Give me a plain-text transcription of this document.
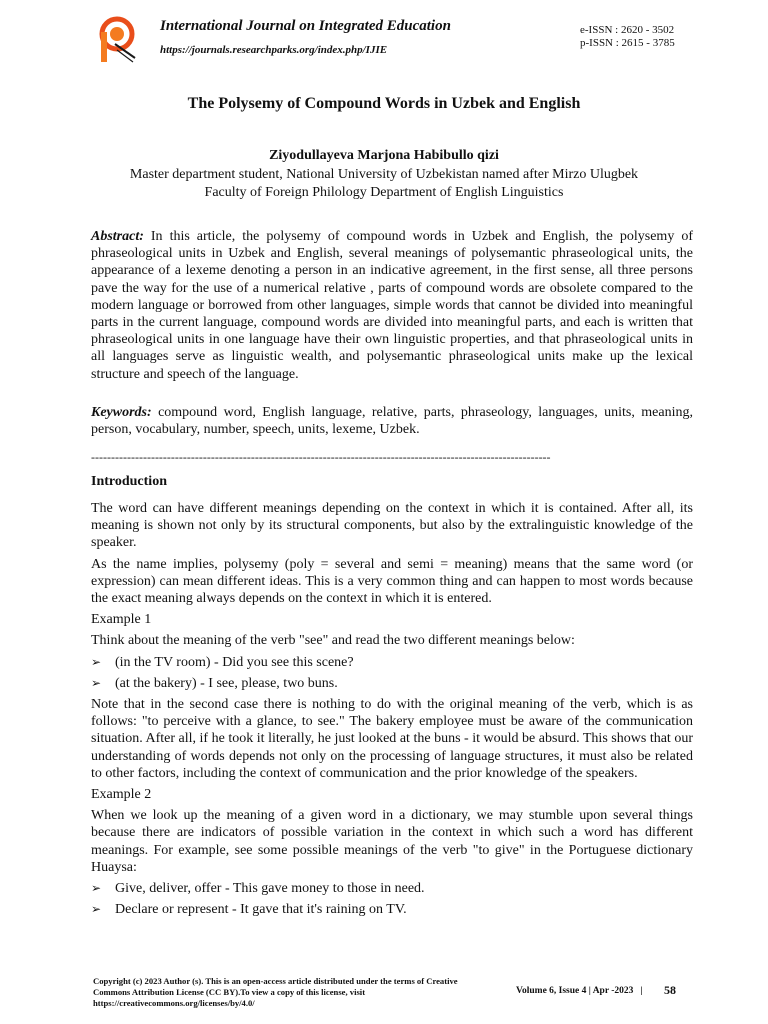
International Journal on Integrated Education
https://journals.researchparks.org/index.php/IJIE
e-ISSN : 2620 - 3502
p-ISSN : 2615 - 3785
The Polysemy of Compound Words in Uzbek and English
Ziyodullayeva Marjona Habibullo qizi
Master department student, National University of Uzbekistan named after Mirzo Ulugbek
Faculty of Foreign Philology Department of English Linguistics
Abstract: In this article, the polysemy of compound words in Uzbek and English, the polysemy of phraseological units in Uzbek and English, several meanings of polysemantic phraseological units, the appearance of a lexeme denoting a person in an indicative agreement, in the first sense, all three persons pave the way for the use of a numerical relative , parts of compound words are obsolete compared to the modern language or borrowed from other languages, simple words that cannot be divided into meaningful parts in the current language, compound words are divided into meaningful parts, and each is written that phraseological units in one language have their own linguistic properties, and that phraseological units in all languages serve as linguistic wealth, and polysemantic phraseological units make up the lexical structure and speech of the language.
Keywords: compound word, English language, relative, parts, phraseology, languages, units, meaning, person, vocabulary, number, speech, units, lexeme, Uzbek.
-------------------------------------------------------------------------------------------------------------------
Introduction

The word can have different meanings depending on the context in which it is contained. After all, its meaning is shown not only by its structural components, but also by the extralinguistic knowledge of the speaker.

As the name implies, polysemy (poly = several and semi = meaning) means that the same word (or expression) can mean different ideas. This is a very common thing and can happen to most words because the exact meaning always depends on the context in which it is entered.

Example 1

Think about the meaning of the verb "see" and read the two different meanings below:

➢ (in the TV room) - Did you see this scene?
➢ (at the bakery) - I see, please, two buns.

Note that in the second case there is nothing to do with the original meaning of the verb, which is as follows: "to perceive with a glance, to see." The bakery employee must be aware of the communication situation. After all, if he took it literally, he just looked at the buns - it would be absurd. This shows that our understanding of words depends not only on the processing of language structures, it must also be related to other factors, including the context of communication and the prior knowledge of the speakers.

Example 2

When we look up the meaning of a given word in a dictionary, we may stumble upon several things because there are indicators of possible variation in the context in which such a word has different meanings. For example, see some possible meanings of the verb "to give" in the Portuguese dictionary Huaysa:

➢ Give, deliver, offer - This gave money to those in need.
➢ Declare or represent - It gave that it's raining on TV.
Copyright (c) 2023 Author (s). This is an open-access article distributed under the terms of Creative Commons Attribution License (CC BY).To view a copy of this license, visit https://creativecommons.org/licenses/by/4.0/
Volume 6, Issue 4 | Apr -2023 | 58
